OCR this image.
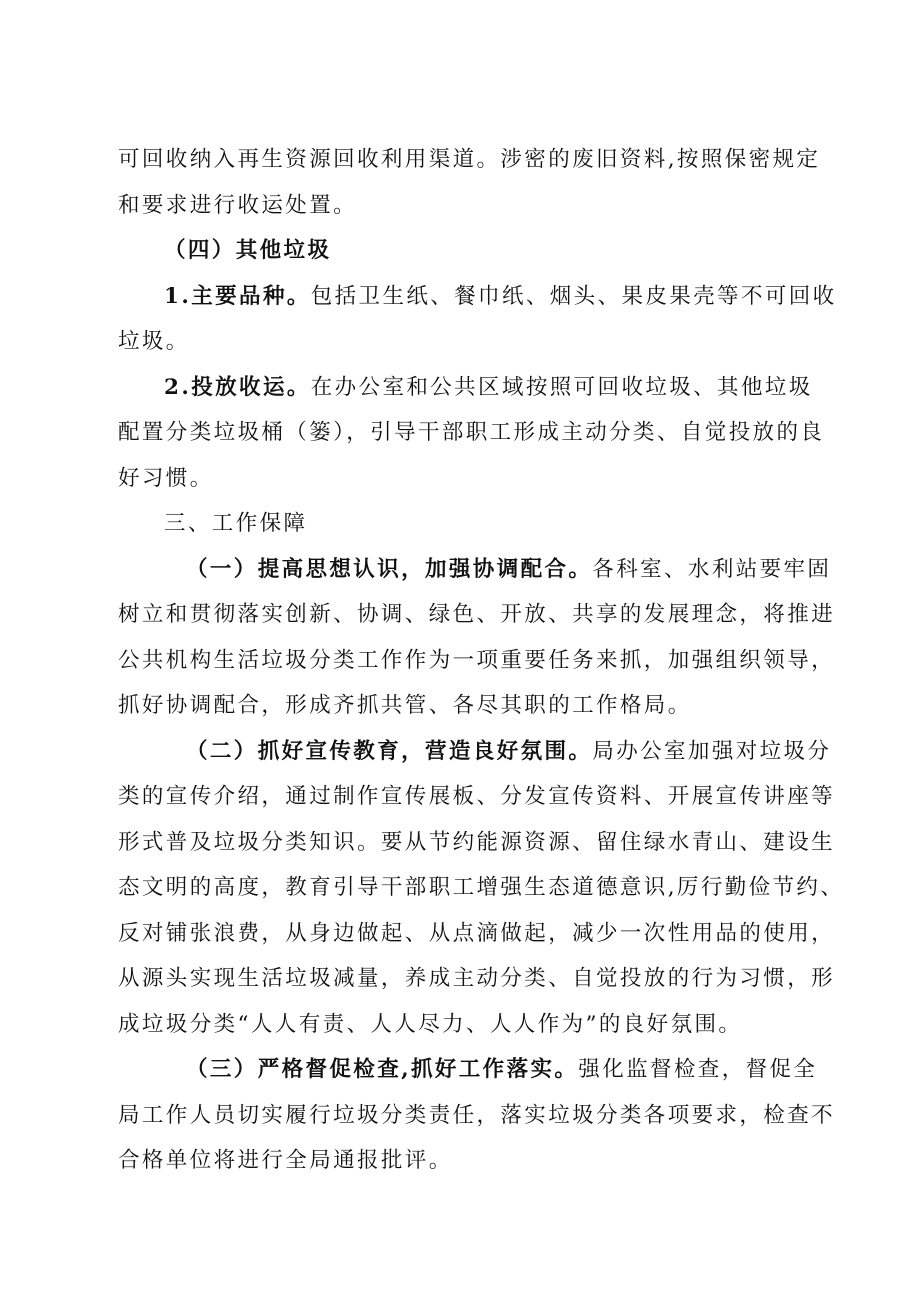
可回收纳入再生资源回收利用渠道。涉密的废旧资料,按照保密规定
和要求进行收运处置。
（四）其他垃圾
1.主要品种。包括卫生纸、餐巾纸、烟头、果皮果壳等不可回收
垃圾。
2.投放收运。在办公室和公共区域按照可回收垃圾、其他垃圾
配置分类垃圾桶（篓），引导干部职工形成主动分类、自觉投放的良
好习惯。
三、工作保障
（一）提高思想认识，加强协调配合。各科室、水利站要牢固
树立和贯彻落实创新、协调、绿色、开放、共享的发展理念，将推进
公共机构生活垃圾分类工作作为一项重要任务来抓，加强组织领导，
抓好协调配合，形成齐抓共管、各尽其职的工作格局。
（二）抓好宣传教育，营造良好氛围。局办公室加强对垃圾分
类的宣传介绍，通过制作宣传展板、分发宣传资料、开展宣传讲座等
形式普及垃圾分类知识。要从节约能源资源、留住绿水青山、建设生
态文明的高度，教育引导干部职工增强生态道德意识,厉行勤俭节约、
反对铺张浪费，从身边做起、从点滴做起，减少一次性用品的使用，
从源头实现生活垃圾减量，养成主动分类、自觉投放的行为习惯，形
成垃圾分类“人人有责、人人尽力、人人作为”的良好氛围。
（三）严格督促检查,抓好工作落实。强化监督检查，督促全
局工作人员切实履行垃圾分类责任，落实垃圾分类各项要求，检查不
合格单位将进行全局通报批评。
